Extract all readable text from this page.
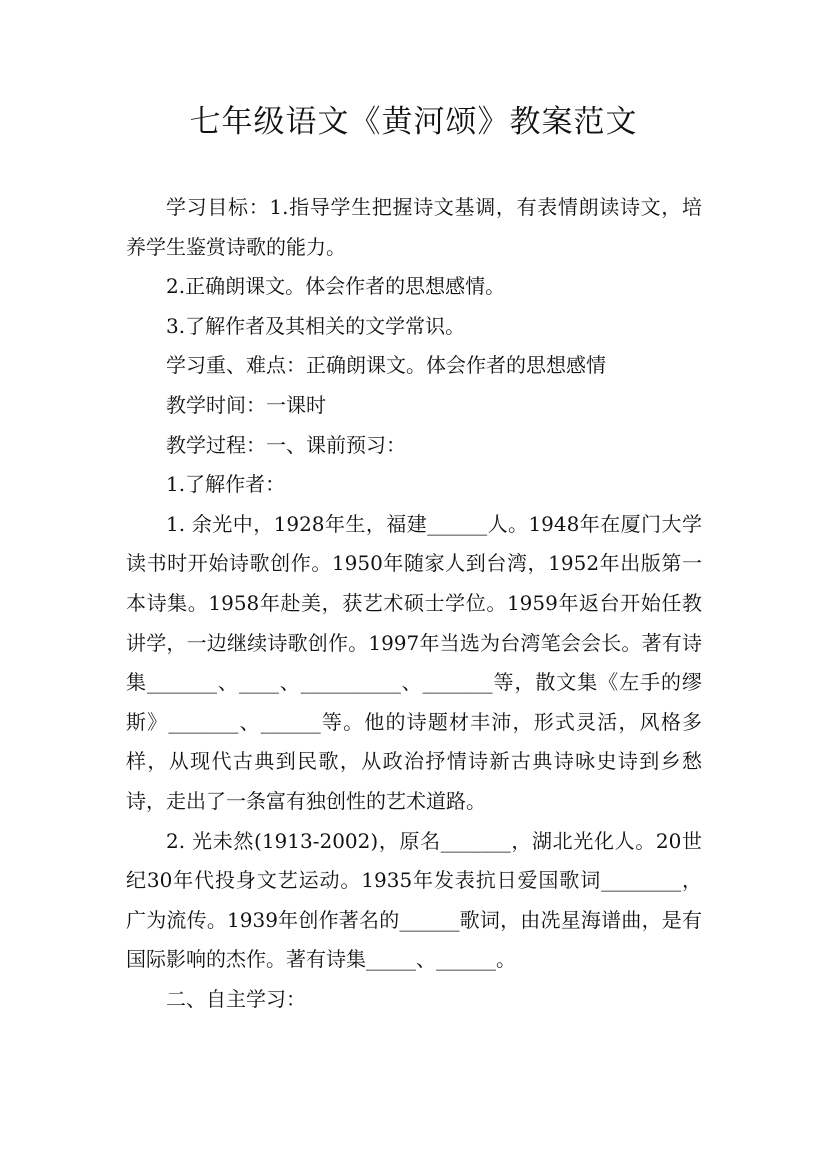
七年级语文《黄河颂》教案范文

学习目标：1.指导学生把握诗文基调，有表情朗读诗文，培养学生鉴赏诗歌的能力。

2.正确朗课文。体会作者的思想感情。

3.了解作者及其相关的文学常识。

学习重、难点：正确朗课文。体会作者的思想感情

教学时间：一课时

教学过程：一、课前预习：

1.了解作者：

1. 余光中，1928年生，福建______人。1948年在厦门大学读书时开始诗歌创作。1950年随家人到台湾，1952年出版第一本诗集。1958年赴美，获艺术硕士学位。1959年返台开始任教讲学，一边继续诗歌创作。1997年当选为台湾笔会会长。著有诗集_______、____、__________、_______等，散文集《左手的缪斯》_______、______等。他的诗题材丰沛，形式灵活，风格多样，从现代古典到民歌，从政治抒情诗新古典诗咏史诗到乡愁诗，走出了一条富有独创性的艺术道路。

2. 光未然(1913-2002)，原名_______，湖北光化人。20世纪30年代投身文艺运动。1935年发表抗日爱国歌词________，广为流传。1939年创作著名的______歌词，由冼星海谱曲，是有国际影响的杰作。著有诗集_____、______。

二、自主学习：
